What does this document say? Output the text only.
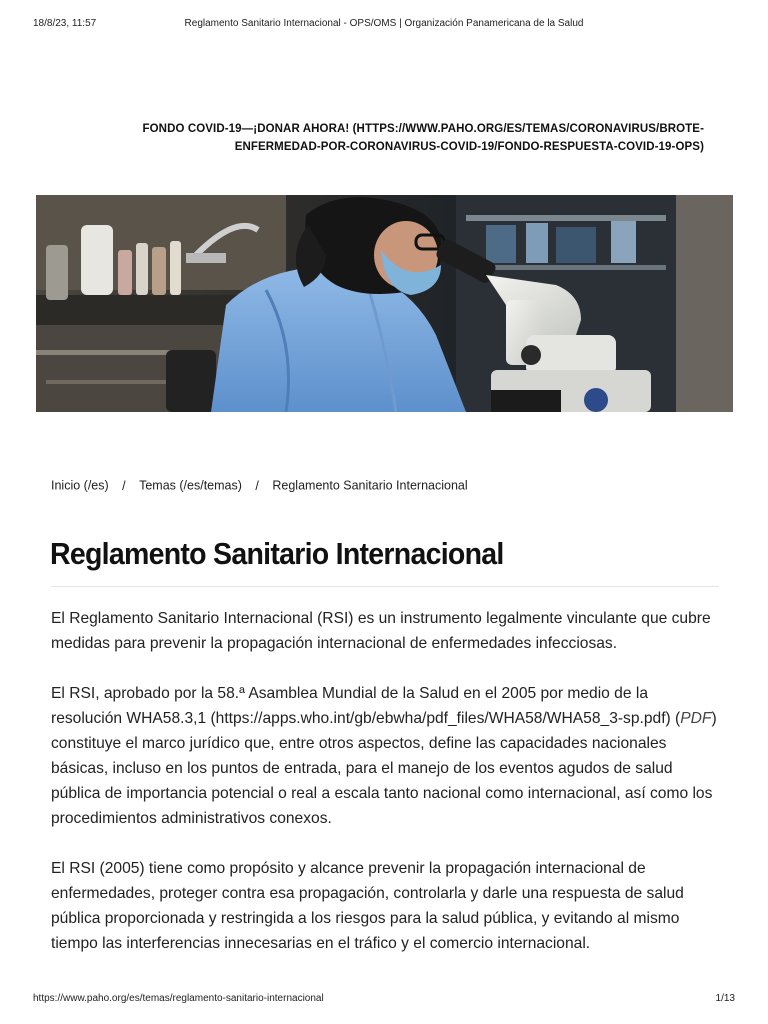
18/8/23, 11:57	Reglamento Sanitario Internacional - OPS/OMS | Organización Panamericana de la Salud
FONDO COVID-19—¡DONAR AHORA! (HTTPS://WWW.PAHO.ORG/ES/TEMAS/CORONAVIRUS/BROTE-
ENFERMEDAD-POR-CORONAVIRUS-COVID-19/FONDO-RESPUESTA-COVID-19-OPS)
Inicio (/es) / Temas (/es/temas) / Reglamento Sanitario Internacional
Reglamento Sanitario Internacional

El Reglamento Sanitario Internacional (RSI) es un instrumento legalmente vinculante que cubre medidas para prevenir la propagación internacional de enfermedades infecciosas.

El RSI, aprobado por la 58.ª Asamblea Mundial de la Salud en el 2005 por medio de la resolución WHA58.3,1 (https://apps.who.int/gb/ebwha/pdf_files/WHA58/WHA58_3-sp.pdf) (PDF) constituye el marco jurídico que, entre otros aspectos, define las capacidades nacionales básicas, incluso en los puntos de entrada, para el manejo de los eventos agudos de salud pública de importancia potencial o real a escala tanto nacional como internacional, así como los procedimientos administrativos conexos.

El RSI (2005) tiene como propósito y alcance prevenir la propagación internacional de enfermedades, proteger contra esa propagación, controlarla y darle una respuesta de salud pública proporcionada y restringida a los riesgos para la salud pública, y evitando al mismo tiempo las interferencias innecesarias en el tráfico y el comercio internacional.

https://www.paho.org/es/temas/reglamento-sanitario-internacional	1/13
